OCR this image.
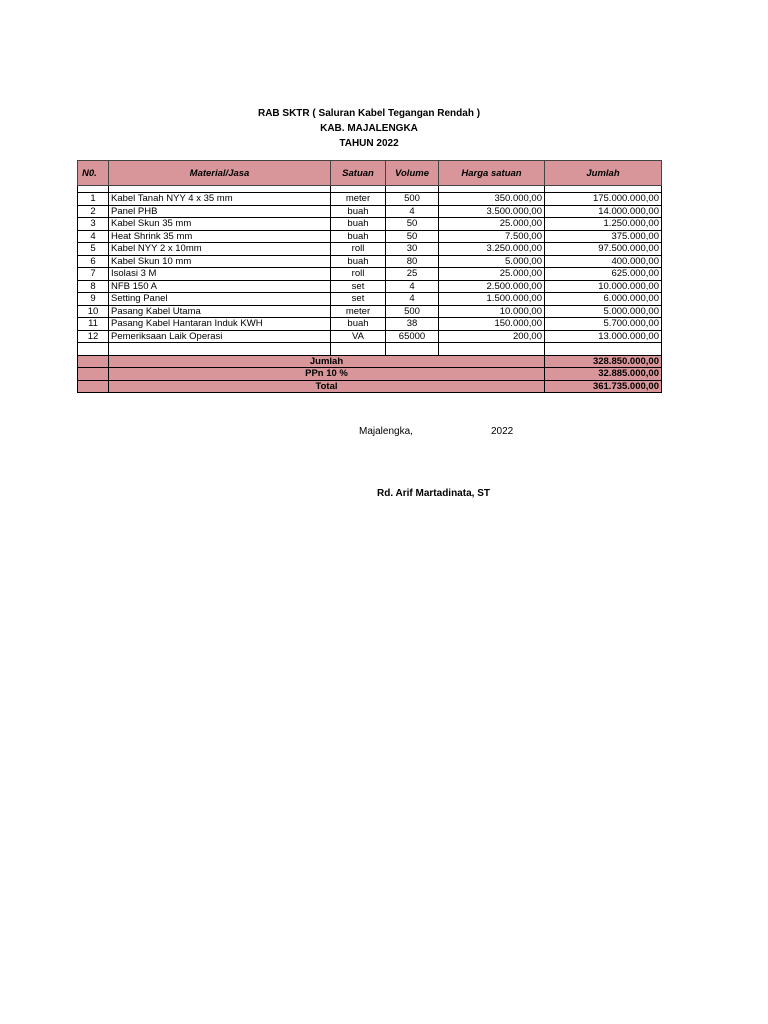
RAB SKTR ( Saluran Kabel Tegangan Rendah )
KAB. MAJALENGKA
TAHUN 2022
N0.	Material/Jasa	Satuan	Volume	Harga satuan	Jumlah

1	Kabel Tanah NYY 4 x 35 mm	meter	500	350.000,00	175.000.000,00
2	Panel PHB	buah	4	3.500.000,00	14.000.000,00
3	Kabel Skun 35 mm	buah	50	25.000,00	1.250.000,00
4	Heat Shrink 35 mm	buah	50	7.500,00	375.000,00
5	Kabel NYY 2 x 10mm	roll	30	3.250.000,00	97.500.000,00
6	Kabel Skun 10 mm	buah	80	5.000,00	400.000,00
7	Isolasi 3 M	roll	25	25.000,00	625.000,00
8	NFB 150 A	set	4	2.500.000,00	10.000.000,00
9	Setting Panel	set	4	1.500.000,00	6.000.000,00
10	Pasang Kabel Utama	meter	500	10.000,00	5.000.000,00
11	Pasang Kabel Hantaran Induk KWH	buah	38	150.000,00	5.700.000,00
12	Pemeriksaan Laik Operasi	VA	65000	200,00	13.000.000,00

	Jumlah				328.850.000,00
	PPn 10 %				32.885.000,00
	Total				361.735.000,00
Majalengka,	2022
Rd. Arif Martadinata, ST
